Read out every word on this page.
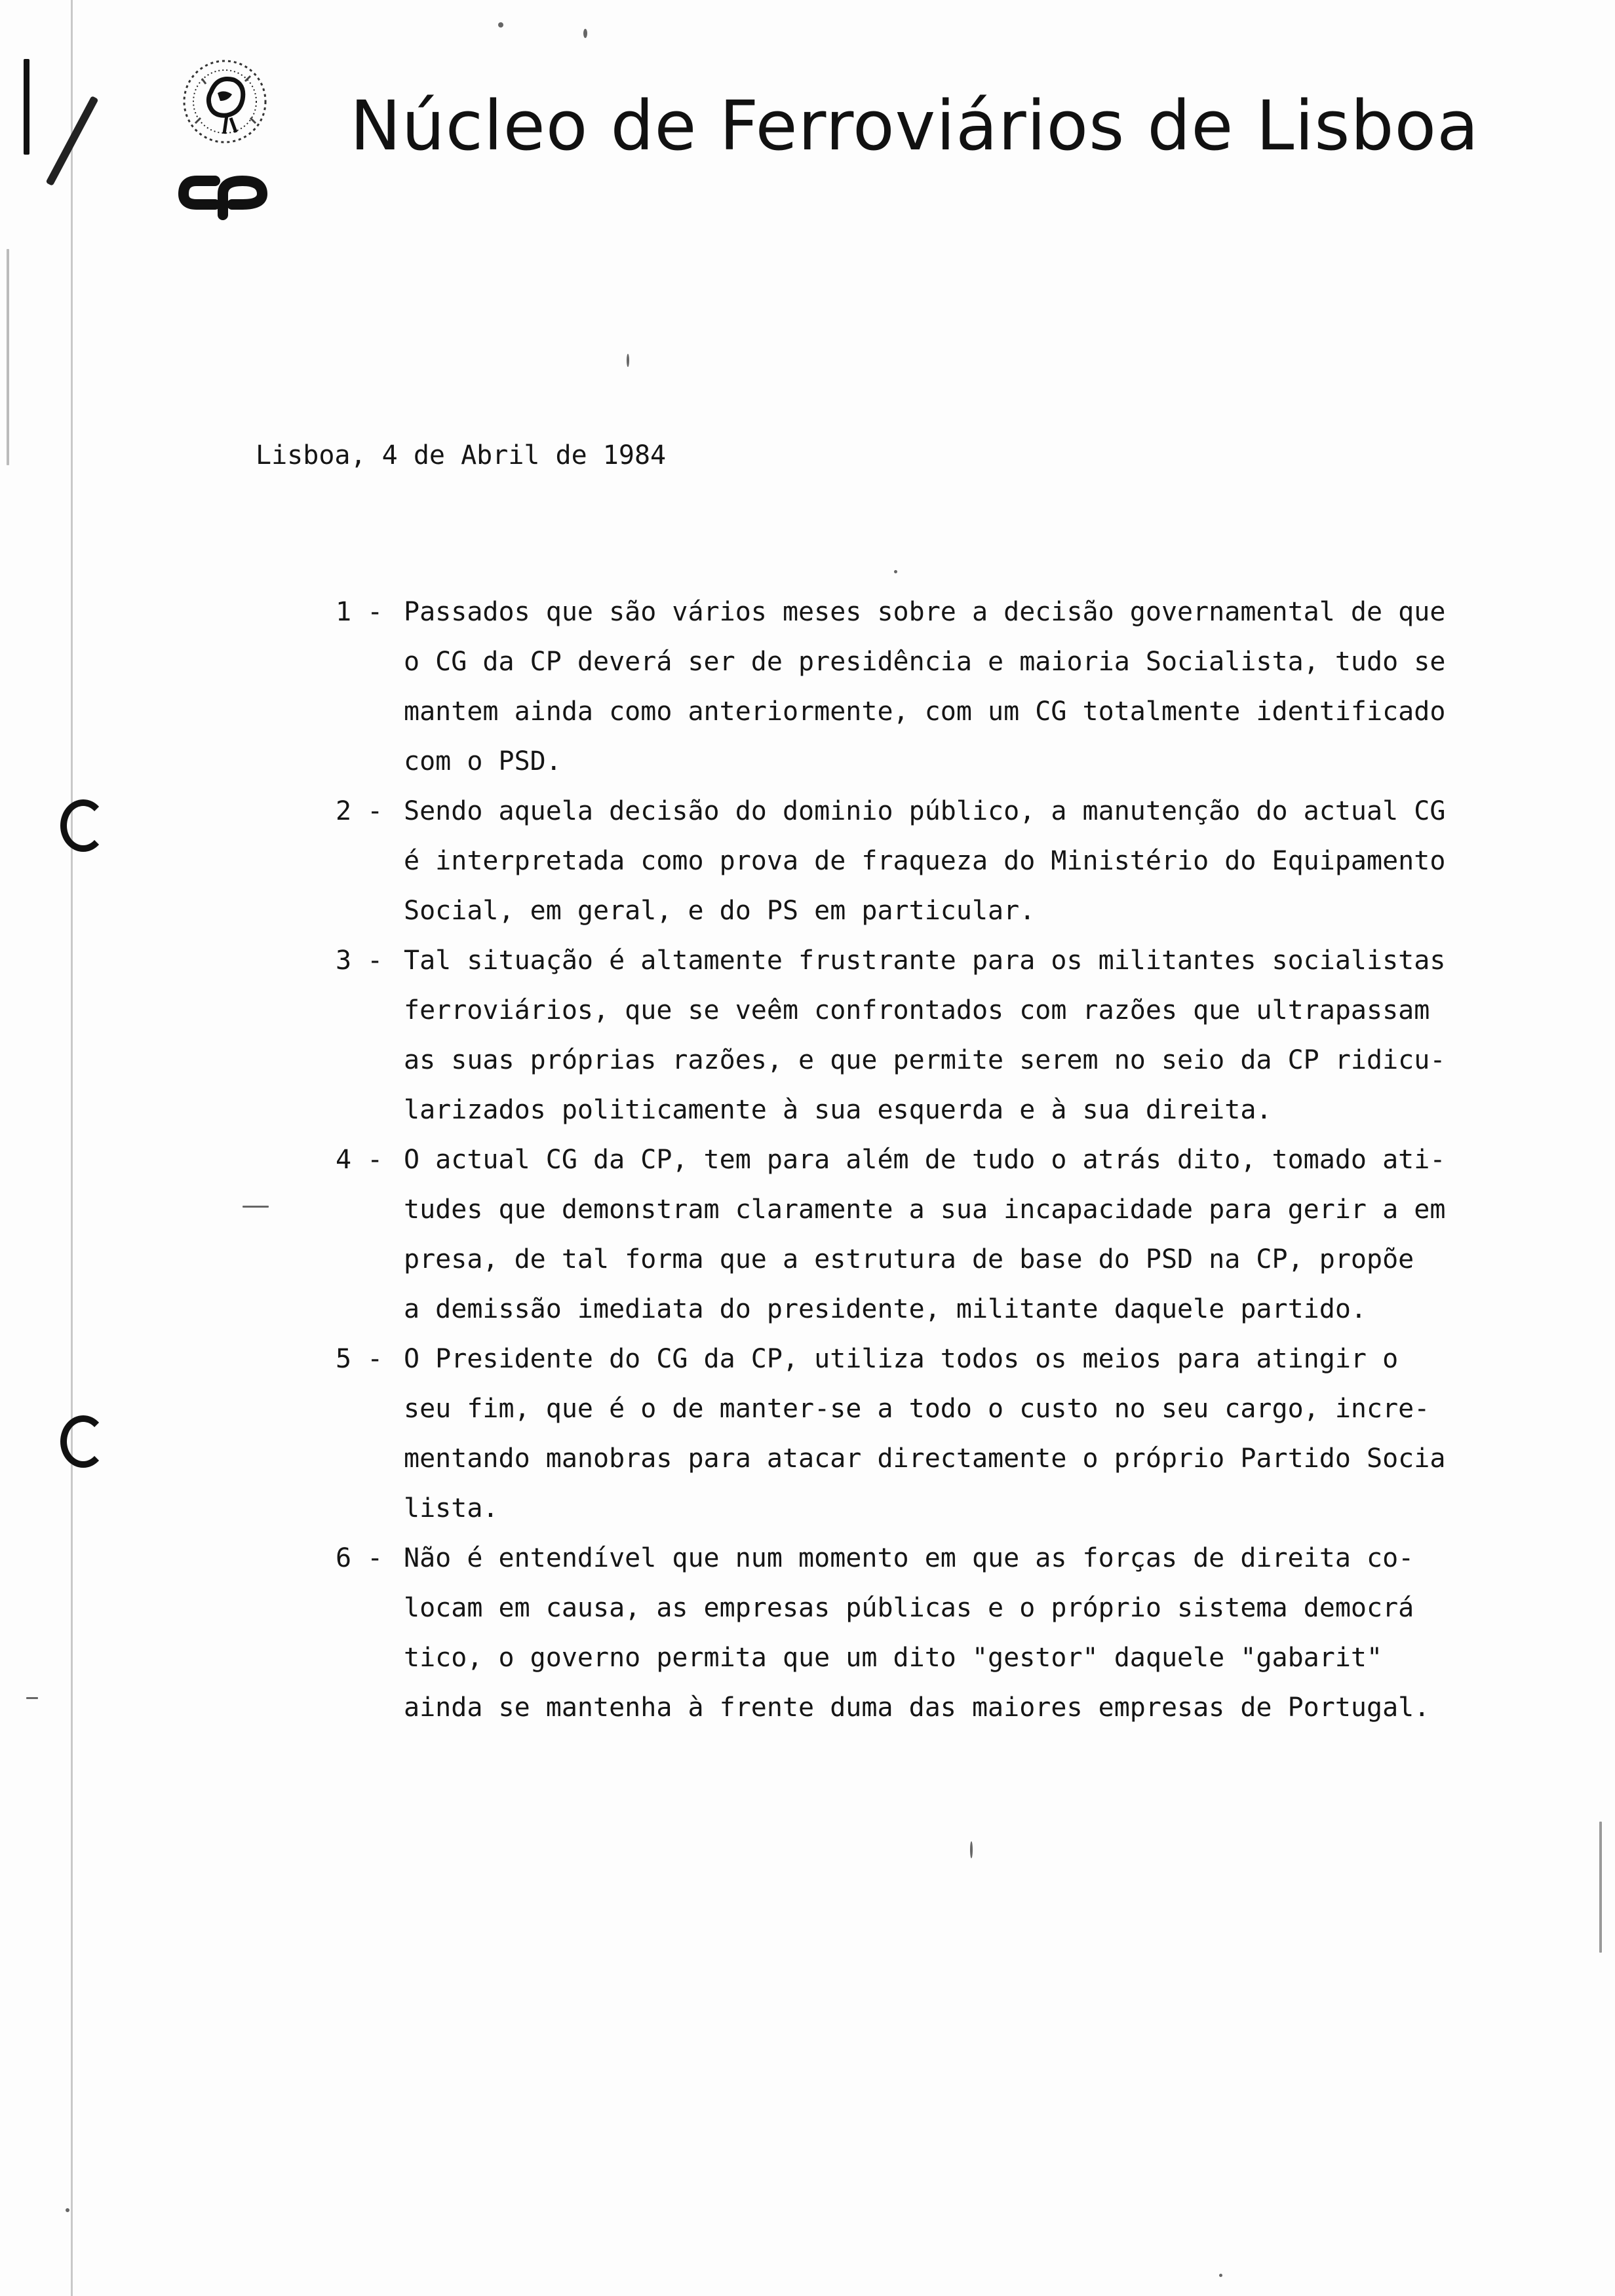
Núcleo de Ferroviários de Lisboa
Lisboa, 4 de Abril de 1984
1 - Passados que são vários meses sobre a decisão governamental de que
o CG da CP deverá ser de presidência e maioria Socialista, tudo se
mantem ainda como anteriormente, com um CG totalmente identificado
com o PSD.
2 - Sendo aquela decisão do dominio público, a manutenção do actual CG
é interpretada como prova de fraqueza do Ministério do Equipamento
Social, em geral, e do PS em particular.
3 - Tal situação é altamente frustrante para os militantes socialistas
ferroviários, que se veêm confrontados com razões que ultrapassam
as suas próprias razões, e que permite serem no seio da CP ridicu-
larizados politicamente à sua esquerda e à sua direita.
4 - O actual CG da CP, tem para além de tudo o atrás dito, tomado ati-
tudes que demonstram claramente a sua incapacidade para gerir a em
presa, de tal forma que a estrutura de base do PSD na CP, propõe
a demissão imediata do presidente, militante daquele partido.
5 - O Presidente do CG da CP, utiliza todos os meios para atingir o
seu fim, que é o de manter-se a todo o custo no seu cargo, incre-
mentando manobras para atacar directamente o próprio Partido Socia
lista.
6 - Não é entendível que num momento em que as forças de direita co-
locam em causa, as empresas públicas e o próprio sistema democrá
tico, o governo permita que um dito "gestor" daquele "gabarit"
ainda se mantenha à frente duma das maiores empresas de Portugal.
